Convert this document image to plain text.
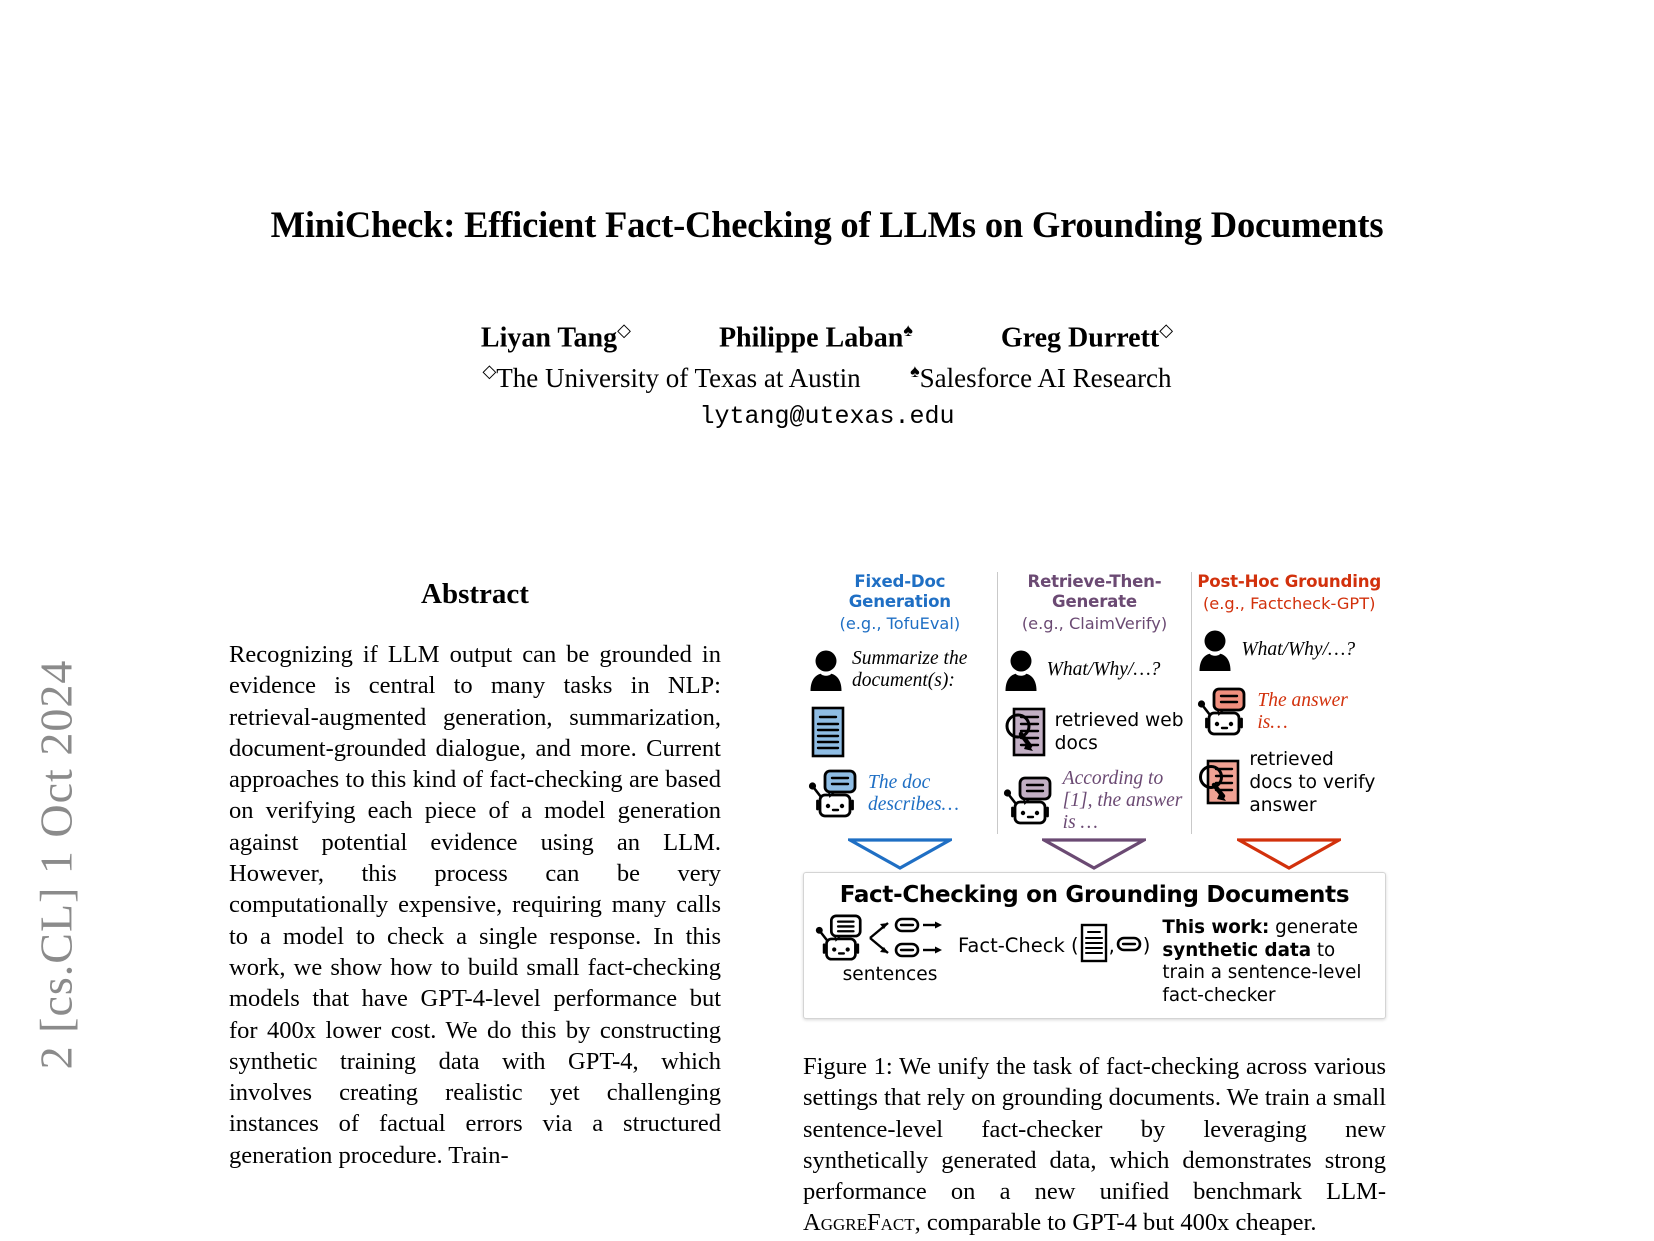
2 [cs.CL] 1 Oct 2024
MiniCheck: Efficient Fact-Checking of LLMs on Grounding Documents
Liyan Tang◇	Philippe Laban♠	Greg Durrett◇
◇The University of Texas at Austin	♠Salesforce AI Research
lytang@utexas.edu
Abstract
Recognizing if LLM output can be grounded in evidence is central to many tasks in NLP: retrieval-augmented generation, summarization, document-grounded dialogue, and more. Current approaches to this kind of fact-checking are based on verifying each piece of a model generation against potential evidence using an LLM. However, this process can be very computationally expensive, requiring many calls to a model to check a single response. In this work, we show how to build small fact-checking models that have GPT-4-level performance but for 400x lower cost. We do this by constructing synthetic training data with GPT-4, which involves creating realistic yet challenging instances of factual errors via a structured generation procedure. Train-
Fixed-Doc Generation
(e.g., TofuEval)
Summarize the document(s):
The doc describes…
Retrieve-Then-Generate
(e.g., ClaimVerify)
What/Why/…?
retrieved web docs
According to [1], the answer is …
Post-Hoc Grounding
(e.g., Factcheck-GPT)
What/Why/…?
The answer is…
retrieved docs to verify answer
Fact-Checking on Grounding Documents
sentences
Fact-Check ( , )
This work: generate synthetic data to train a sentence-level fact-checker
Figure 1: We unify the task of fact-checking across various settings that rely on grounding documents. We train a small sentence-level fact-checker by leveraging new synthetically generated data, which demonstrates strong performance on a new unified benchmark LLM-AggreFact, comparable to GPT-4 but 400x cheaper.
